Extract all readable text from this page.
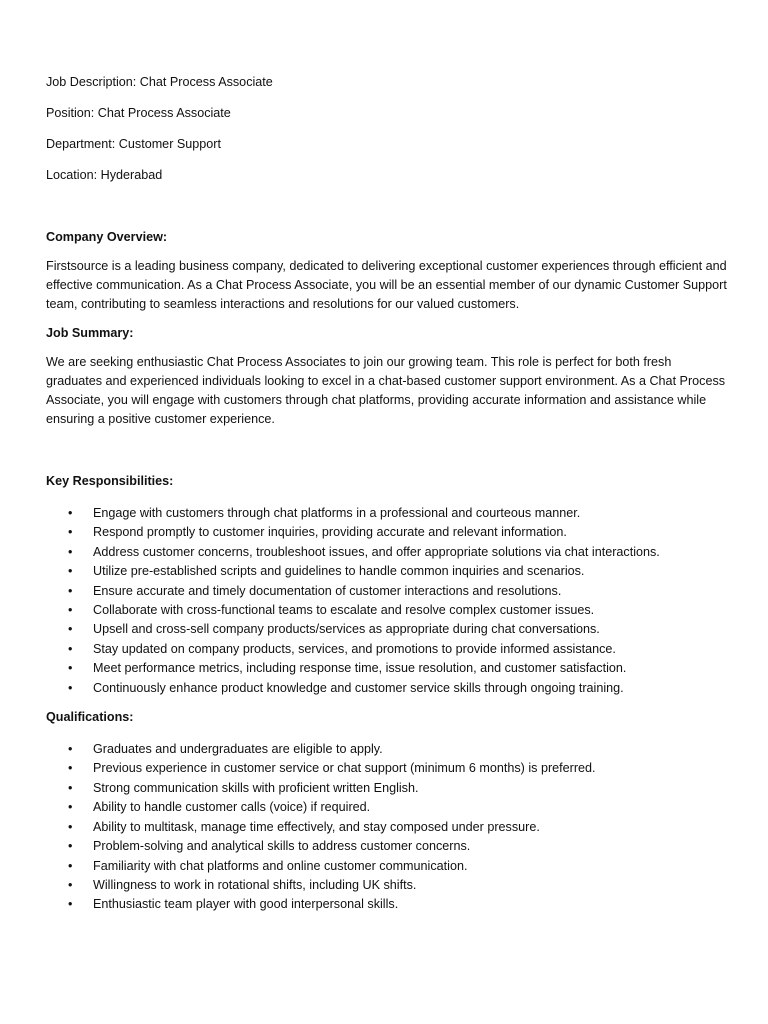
Job Description: Chat Process Associate

Position: Chat Process Associate

Department: Customer Support

Location: Hyderabad

Company Overview:

Firstsource is a leading business company, dedicated to delivering exceptional customer experiences through efficient and effective communication. As a Chat Process Associate, you will be an essential member of our dynamic Customer Support team, contributing to seamless interactions and resolutions for our valued customers.

Job Summary:

We are seeking enthusiastic Chat Process Associates to join our growing team. This role is perfect for both fresh graduates and experienced individuals looking to excel in a chat-based customer support environment. As a Chat Process Associate, you will engage with customers through chat platforms, providing accurate information and assistance while ensuring a positive customer experience.

Key Responsibilities:

• Engage with customers through chat platforms in a professional and courteous manner.
• Respond promptly to customer inquiries, providing accurate and relevant information.
• Address customer concerns, troubleshoot issues, and offer appropriate solutions via chat interactions.
• Utilize pre-established scripts and guidelines to handle common inquiries and scenarios.
• Ensure accurate and timely documentation of customer interactions and resolutions.
• Collaborate with cross-functional teams to escalate and resolve complex customer issues.
• Upsell and cross-sell company products/services as appropriate during chat conversations.
• Stay updated on company products, services, and promotions to provide informed assistance.
• Meet performance metrics, including response time, issue resolution, and customer satisfaction.
• Continuously enhance product knowledge and customer service skills through ongoing training.

Qualifications:

• Graduates and undergraduates are eligible to apply.
• Previous experience in customer service or chat support (minimum 6 months) is preferred.
• Strong communication skills with proficient written English.
• Ability to handle customer calls (voice) if required.
• Ability to multitask, manage time effectively, and stay composed under pressure.
• Problem-solving and analytical skills to address customer concerns.
• Familiarity with chat platforms and online customer communication.
• Willingness to work in rotational shifts, including UK shifts.
• Enthusiastic team player with good interpersonal skills.
